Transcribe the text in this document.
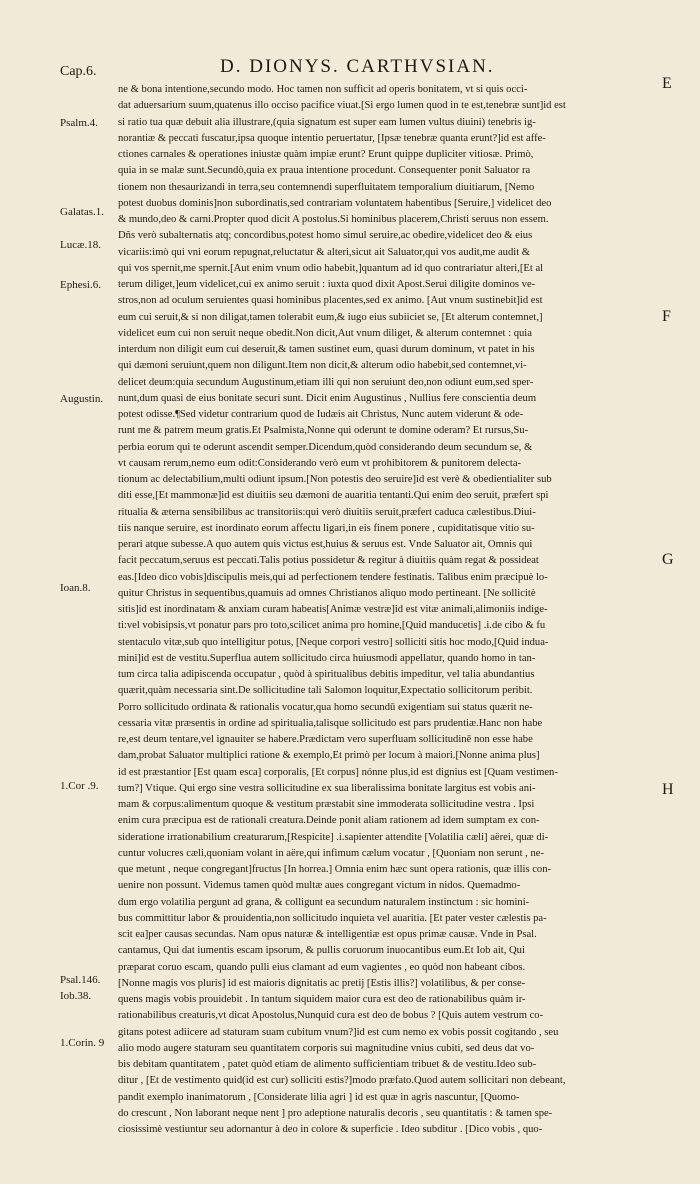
Cap.6.	D. DIONYS. CARTHVSIAN.
E
F
G
H
Psalm.4.
Galatas.1.
Lucæ.18.
Ephesi.6.
Augustin.
Ioan.8.
1.Cor .9.
Psal.146.
Iob.38.
1.Corin. 9
ne & bona intentione,secundo modo. Hoc tamen non sufficit ad operis bonitatem, vt si quis occi-
dat aduersarium suum,quatenus illo occiso pacifice viuat.[Si ergo lumen quod in te est,tenebræ sunt]id est
si ratio tua quæ debuit alia illustrare,(quia signatum est super eam lumen vultus diuini) tenebris ig-
norantiæ & peccati fuscatur,ipsa quoque intentio peruertatur, [Ipsæ tenebræ quanta erunt?]id est affe-
ctiones carnales & operationes iniustæ quàm impiæ erunt? Erunt quippe dupliciter vitiosæ. Primò,
quia in se malæ sunt.Secundò,quia ex praua intentione procedunt. Consequenter ponit Saluator ra
tionem non thesaurizandi in terra,seu contemnendi superfluitatem temporalium diuitiarum, [Nemo
potest duobus dominis]non subordinatis,sed contrariam voluntatem habentibus [Seruire,] videlicet deo
& mundo,deo & carni.Propter quod dicit A postolus.Si hominibus placerem,Christi seruus non essem.
Dñs verò subalternatis atq; concordibus,potest homo simul seruire,ac obedire,videlicet deo & eius
vicariis:imò qui vni eorum repugnat,reluctatur & alteri,sicut ait Saluator,qui vos audit,me audit &
qui vos spernit,me spernit.[Aut enim vnum odio habebit,]quantum ad id quo contrariatur alteri,[Et al
terum diliget,]eum videlicet,cui ex animo seruit : iuxta quod dixit Apost.Serui diligite dominos ve-
stros,non ad oculum seruientes quasi hominibus placentes,sed ex animo. [Aut vnum sustinebit]id est
eum cui seruit,& si non diligat,tamen tolerabit eum,& iugo eius subiiciet se, [Et alterum contemnet,]
videlicet eum cui non seruit neque obedit.Non dicit,Aut vnum diliget, & alterum contemnet : quia
interdum non diligit eum cui deseruit,& tamen sustinet eum, quasi durum dominum, vt patet in his
qui dæmoni seruiunt,quem non diligunt.Item non dicit,& alterum odio habebit,sed contemnet,vi-
delicet deum:quia secundum Augustinum,etiam illi qui non seruiunt deo,non odiunt eum,sed sper-
nunt,dum quasi de eius bonitate securi sunt. Dicit enim Augustinus , Nullius fere conscientia deum
potest odisse.¶Sed videtur contrarium quod de Iudæis ait Christus, Nunc autem viderunt & ode-
runt me & patrem meum gratis.Et Psalmista,Nonne qui oderunt te domine oderam? Et rursus,Su-
perbia eorum qui te oderunt ascendit semper.Dicendum,quòd considerando deum secundum se, &
vt causam rerum,nemo eum odit:Considerando verò eum vt prohibitorem & punitorem delecta-
tionum ac delectabilium,multi odiunt ipsum.[Non potestis deo seruire]id est verè & obedientialiter sub
diti esse,[Et mammonæ]id est diuitiis seu dæmoni de auaritia tentanti.Qui enim deo seruit, præfert spi
ritualia & æterna sensibilibus ac transitoriis:qui verò diuitiis seruit,præfert caduca cælestibus.Diui-
tiis nanque seruire, est inordinato eorum affectu ligari,in eis finem ponere , cupiditatisque vitio su-
perari atque subesse.A quo autem quis victus est,huius & seruus est. Vnde Saluator ait, Omnis qui
facit peccatum,seruus est peccati.Talis potius possidetur & regitur à diuitiis quàm regat & possideat
eas.[Ideo dico vobis]discipulis meis,qui ad perfectionem tendere festinatis. Talibus enim præcipuè lo-
quitur Christus in sequentibus,quamuis ad omnes Christianos aliquo modo pertineant. [Ne sollicitè
sitis]id est inordinatam & anxiam curam habeatis[Animæ vestræ]id est vitæ animali,alimoniis indige-
ti:vel vobisipsis,vt ponatur pars pro toto,scilicet anima pro homine,[Quid manducetis] .i.de cibo & fu
stentaculo vitæ,sub quo intelligitur potus, [Neque corpori vestro] solliciti sitis hoc modo,[Quid indua-
mini]id est de vestitu.Superflua autem sollicitudo circa huiusmodi appellatur, quando homo in tan-
tum circa talia adipiscenda occupatur , quòd à spiritualibus debitis impeditur, vel talia abundantius
quærit,quàm necessaria sint.De sollicitudine tali Salomon loquitur,Expectatio sollicitorum peribit.
Porro sollicitudo ordinata & rationalis vocatur,qua homo secundū exigentiam sui status quærit ne-
cessaria vitæ præsentis in ordine ad spiritualia,talisque sollicitudo est pars prudentiæ.Hanc non habe
re,est deum tentare,vel ignauiter se habere.Prædictam vero superfluam sollicitudinē non esse habe
dam,probat Saluator multiplici ratione & exemplo,Et primò per locum à maiori.[Nonne anima plus]
id est præstantior [Est quam esca] corporalis, [Et corpus] nónne plus,id est dignius est [Quam vestimen-
tum?] Vtique. Qui ergo sine vestra sollicitudine ex sua liberalissima bonitate largitus est vobis ani-
mam & corpus:alimentum quoque & vestitum præstabit sine immoderata sollicitudine vestra . Ipsi
enim cura præcipua est de rationali creatura.Deinde ponit aliam rationem ad idem sumptam ex con-
sideratione irrationabilium creaturarum,[Respicite] .i.sapienter attendite [Volatilia cæli] aërei, quæ di-
cuntur volucres cæli,quoniam volant in aëre,qui infimum cælum vocatur , [Quoniam non serunt , ne-
que metunt , neque congregant]fructus [In horrea.] Omnia enim hæc sunt opera rationis, quæ illis con-
uenire non possunt. Videmus tamen quòd multæ aues congregant victum in nidos. Quemadmo-
dum ergo volatilia pergunt ad grana, & colligunt ea secundum naturalem instinctum : sic homini-
bus committitur labor & prouidentia,non sollicitudo inquieta vel auaritia. [Et pater vester cælestis pa-
scit ea]per causas secundas. Nam opus naturæ & intelligentiæ est opus primæ causæ. Vnde in Psal.
cantamus, Qui dat iumentis escam ipsorum, & pullis coruorum inuocantibus eum.Et Iob ait, Qui
præparat coruo escam, quando pulli eius clamant ad eum vagientes , eo quòd non habeant cibos.
[Nonne magis vos pluris] id est maioris dignitatis ac pretij [Estis illis?] volatilibus, & per conse-
quens magis vobis prouidebit . In tantum siquidem maior cura est deo de rationabilibus quàm ir-
rationabilibus creaturis,vt dicat Apostolus,Nunquid cura est deo de bobus ? [Quis autem vestrum co-
gitans potest adiicere ad staturam suam cubitum vnum?]id est cum nemo ex vobis possit cogitando , seu
alio modo augere staturam seu quantitatem corporis sui magnitudine vnius cubiti, sed deus dat vo-
bis debitam quantitatem , patet quòd etiam de alimento sufficientiam tribuet & de vestitu.Ideo sub-
ditur , [Et de vestimento quid(id est cur) solliciti estis?]modo præfato.Quod autem sollicitari non debeant,
pandit exemplo inanimatorum , [Considerate lilia agri ] id est quæ in agris nascuntur, [Quomo-
do crescunt , Non laborant neque nent ] pro adeptione naturalis decoris , seu quantitatis : & tamen spe-
ciosissimè vestiuntur seu adornantur à deo in colore & superficie . Ideo subditur . [Dico vobis , quo-
